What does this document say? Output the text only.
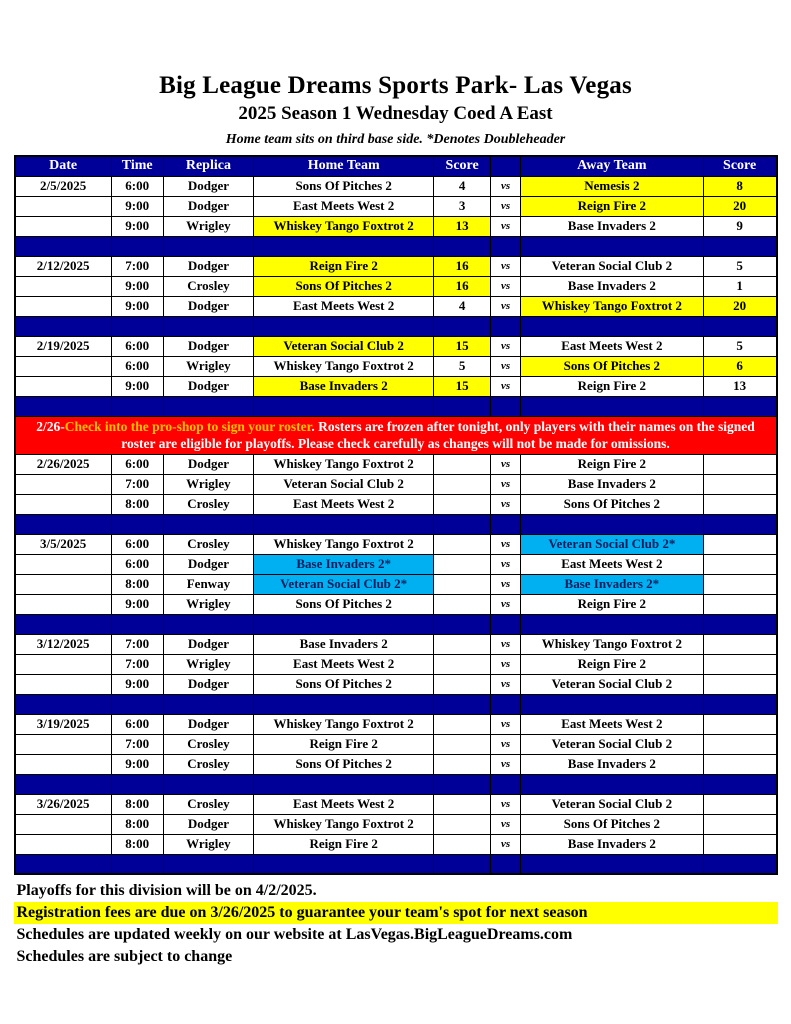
Big League Dreams Sports Park- Las Vegas
2025 Season 1 Wednesday Coed A East
Home team sits on third base side. *Denotes Doubleheader
Date	Time	Replica	Home Team	Score		Away Team	Score
2/5/2025	6:00	Dodger	Sons Of Pitches 2	4	vs	Nemesis 2	8
	9:00	Dodger	East Meets West 2	3	vs	Reign Fire 2	20
	9:00	Wrigley	Whiskey Tango Foxtrot 2	13	vs	Base Invaders 2	9

2/12/2025	7:00	Dodger	Reign Fire 2	16	vs	Veteran Social Club 2	5
	9:00	Crosley	Sons Of Pitches 2	16	vs	Base Invaders 2	1
	9:00	Dodger	East Meets West 2	4	vs	Whiskey Tango Foxtrot 2	20

2/19/2025	6:00	Dodger	Veteran Social Club 2	15	vs	East Meets West 2	5
	6:00	Wrigley	Whiskey Tango Foxtrot 2	5	vs	Sons Of Pitches 2	6
	9:00	Dodger	Base Invaders 2	15	vs	Reign Fire 2	13

2/26-Check into the pro-shop to sign your roster. Rosters are frozen after tonight, only players with their names on the signed roster are eligible for playoffs. Please check carefully as changes will not be made for omissions.							
2/26/2025	6:00	Dodger	Whiskey Tango Foxtrot 2		vs	Reign Fire 2	
	7:00	Wrigley	Veteran Social Club 2		vs	Base Invaders 2	
	8:00	Crosley	East Meets West 2		vs	Sons Of Pitches 2	

3/5/2025	6:00	Crosley	Whiskey Tango Foxtrot 2		vs	Veteran Social Club 2*	
	6:00	Dodger	Base Invaders 2*		vs	East Meets West 2	
	8:00	Fenway	Veteran Social Club 2*		vs	Base Invaders 2*	
	9:00	Wrigley	Sons Of Pitches 2		vs	Reign Fire 2	

3/12/2025	7:00	Dodger	Base Invaders 2		vs	Whiskey Tango Foxtrot 2	
	7:00	Wrigley	East Meets West 2		vs	Reign Fire 2	
	9:00	Dodger	Sons Of Pitches 2		vs	Veteran Social Club 2	

3/19/2025	6:00	Dodger	Whiskey Tango Foxtrot 2		vs	East Meets West 2	
	7:00	Crosley	Reign Fire 2		vs	Veteran Social Club 2	
	9:00	Crosley	Sons Of Pitches 2		vs	Base Invaders 2	

3/26/2025	8:00	Crosley	East Meets West 2		vs	Veteran Social Club 2	
	8:00	Dodger	Whiskey Tango Foxtrot 2		vs	Sons Of Pitches 2	
	8:00	Wrigley	Reign Fire 2		vs	Base Invaders 2	

Playoffs for this division will be on 4/2/2025.
Registration fees are due on 3/26/2025 to guarantee your team's spot for next season
Schedules are updated weekly on our website at LasVegas.BigLeagueDreams.com
Schedules are subject to change
